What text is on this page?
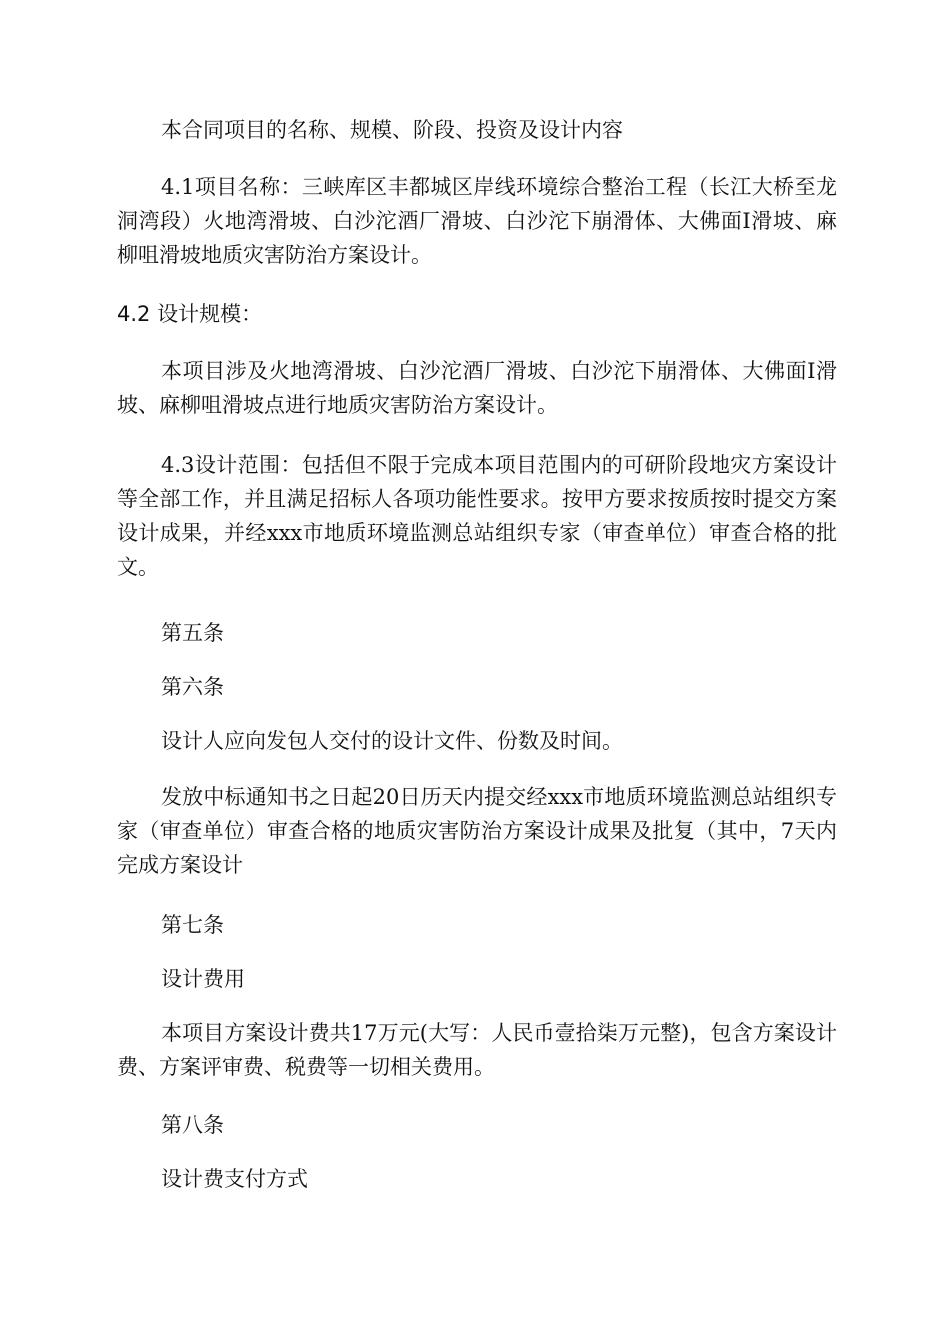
本合同项目的名称、规模、阶段、投资及设计内容

4.1项目名称：三峡库区丰都城区岸线环境综合整治工程（长江大桥至龙洞湾段）火地湾滑坡、白沙沱酒厂滑坡、白沙沱下崩滑体、大佛面Ⅰ滑坡、麻柳咀滑坡地质灾害防治方案设计。

4.2 设计规模：

本项目涉及火地湾滑坡、白沙沱酒厂滑坡、白沙沱下崩滑体、大佛面Ⅰ滑坡、麻柳咀滑坡点进行地质灾害防治方案设计。

4.3设计范围：包括但不限于完成本项目范围内的可研阶段地灾方案设计等全部工作，并且满足招标人各项功能性要求。按甲方要求按质按时提交方案设计成果，并经xxx市地质环境监测总站组织专家（审查单位）审查合格的批文。

第五条

第六条

设计人应向发包人交付的设计文件、份数及时间。

发放中标通知书之日起20日历天内提交经xxx市地质环境监测总站组织专家（审查单位）审查合格的地质灾害防治方案设计成果及批复（其中，7天内完成方案设计

第七条

设计费用

本项目方案设计费共17万元(大写：人民币壹拾柒万元整)，包含方案设计费、方案评审费、税费等一切相关费用。

第八条

设计费支付方式
